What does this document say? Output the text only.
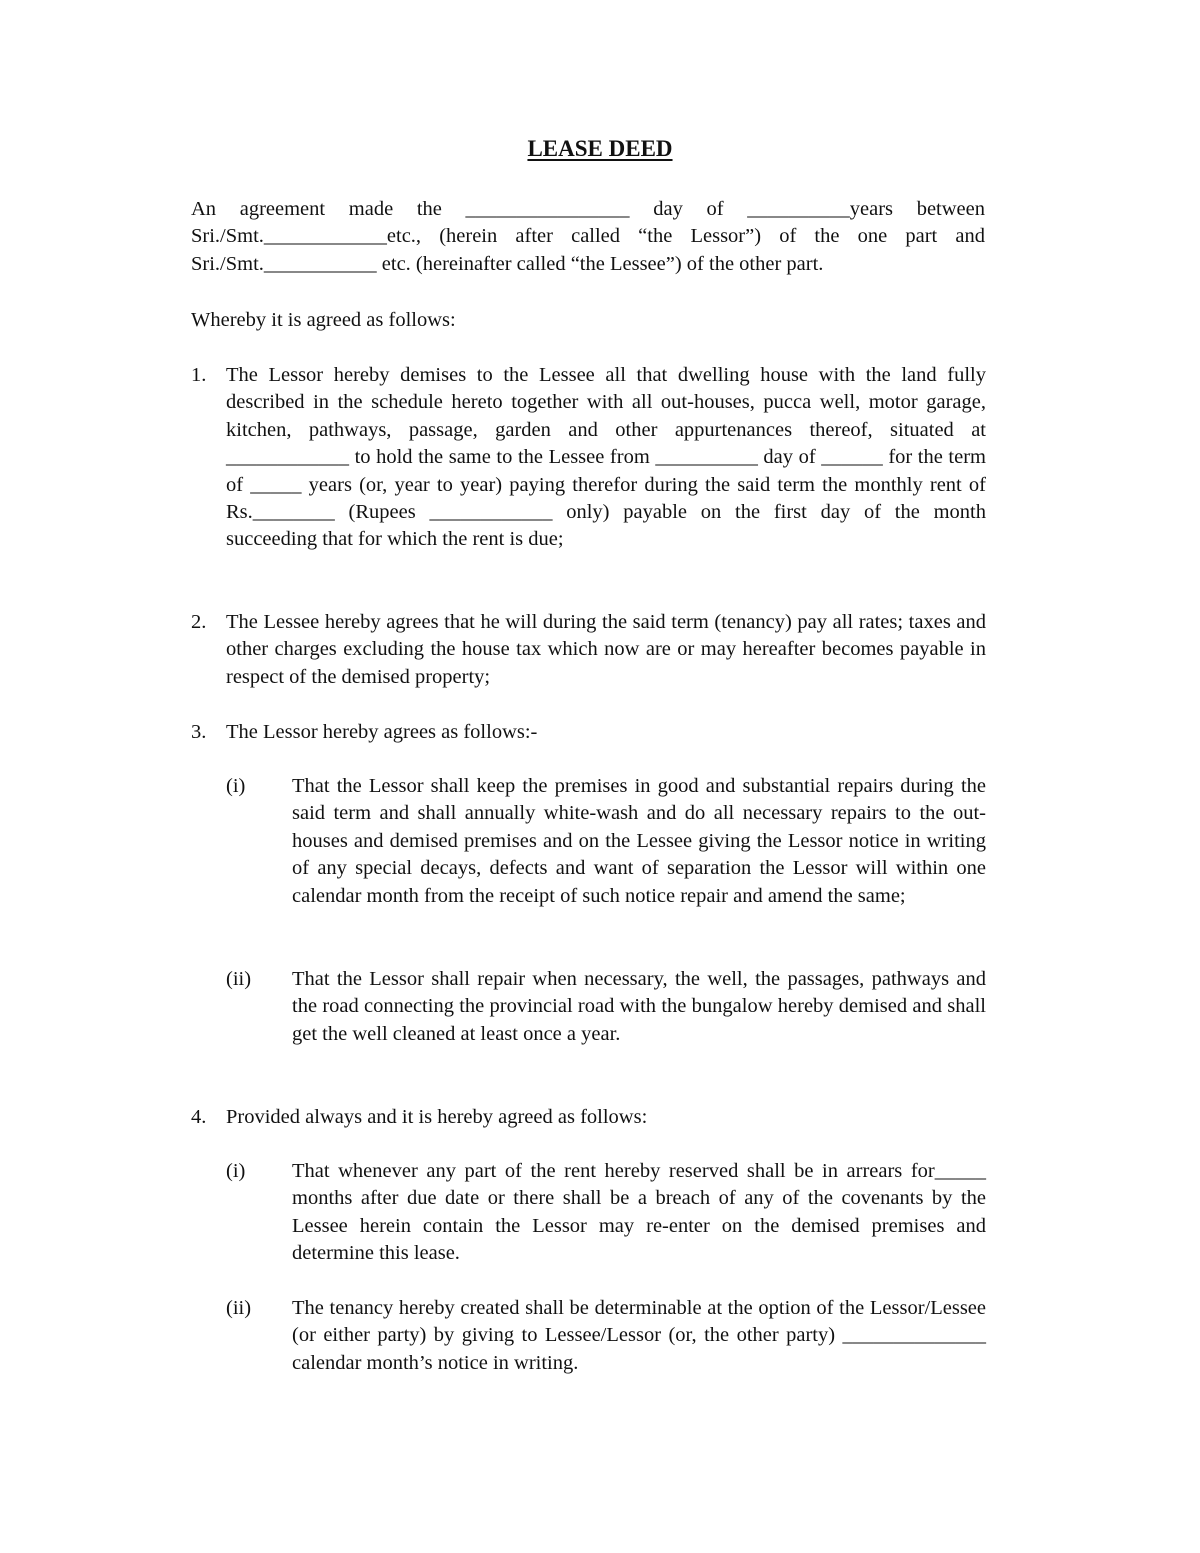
LEASE DEED
An agreement made the ________________ day of __________years between
Sri./Smt.____________etc., (herein after called “the Lessor”) of the one part and
Sri./Smt.___________ etc. (hereinafter called “the Lessee”) of the other part.

Whereby it is agreed as follows:

1. The Lessor hereby demises to the Lessee all that dwelling house with the land fully described in the schedule hereto together with all out-houses, pucca well, motor garage, kitchen, pathways, passage, garden and other appurtenances thereof, situated at ____________ to hold the same to the Lessee from __________ day of ______ for the term of _____ years (or, year to year) paying therefor during the said term the monthly rent of Rs.________ (Rupees ____________ only) payable on the first day of the month succeeding that for which the rent is due;

2. The Lessee hereby agrees that he will during the said term (tenancy) pay all rates; taxes and other charges excluding the house tax which now are or may hereafter becomes payable in respect of the demised property;

3. The Lessor hereby agrees as follows:-

(i)	That the Lessor shall keep the premises in good and substantial repairs during the said term and shall annually white-wash and do all necessary repairs to the out-houses and demised premises and on the Lessee giving the Lessor notice in writing of any special decays, defects and want of separation the Lessor will within one calendar month from the receipt of such notice repair and amend the same;

(ii)	That the Lessor shall repair when necessary, the well, the passages, pathways and the road connecting the provincial road with the bungalow hereby demised and shall get the well cleaned at least once a year.

4. Provided always and it is hereby agreed as follows:

(i)	That whenever any part of the rent hereby reserved shall be in arrears for_____ months after due date or there shall be a breach of any of the covenants by the Lessee herein contain the Lessor may re-enter on the demised premises and determine this lease.

(ii)	The tenancy hereby created shall be determinable at the option of the Lessor/Lessee (or either party) by giving to Lessee/Lessor (or, the other party) ______________ calendar month’s notice in writing.
